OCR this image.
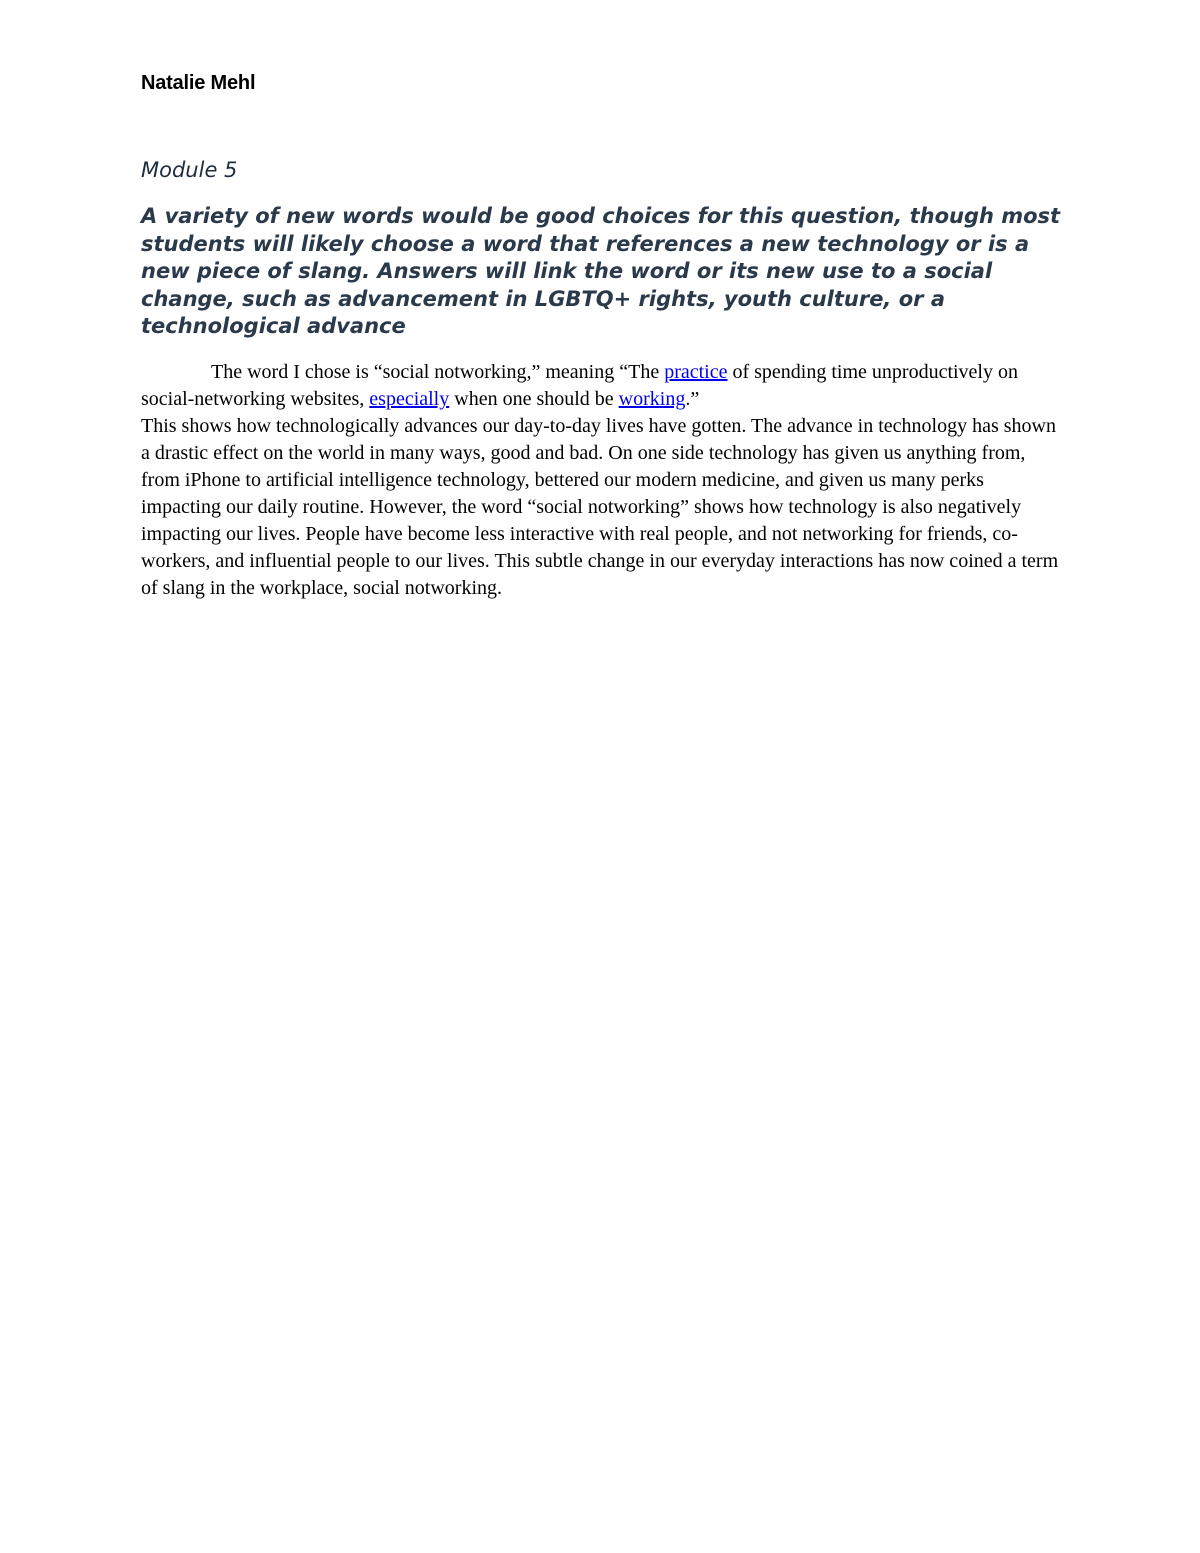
Natalie Mehl
Module 5

A variety of new words would be good choices for this question, though most students will likely choose a word that references a new technology or is a new piece of slang. Answers will link the word or its new use to a social change, such as advancement in LGBTQ+ rights, youth culture, or a technological advance

The word I chose is “social notworking,” meaning “The practice of spending time unproductively on social-networking websites, especially when one should be working.”
This shows how technologically advances our day-to-day lives have gotten. The advance in technology has shown a drastic effect on the world in many ways, good and bad. On one side technology has given us anything from, from iPhone to artificial intelligence technology, bettered our modern medicine, and given us many perks impacting our daily routine. However, the word “social notworking” shows how technology is also negatively impacting our lives. People have become less interactive with real people, and not networking for friends, co-workers, and influential people to our lives. This subtle change in our everyday interactions has now coined a term of slang in the workplace, social notworking.
